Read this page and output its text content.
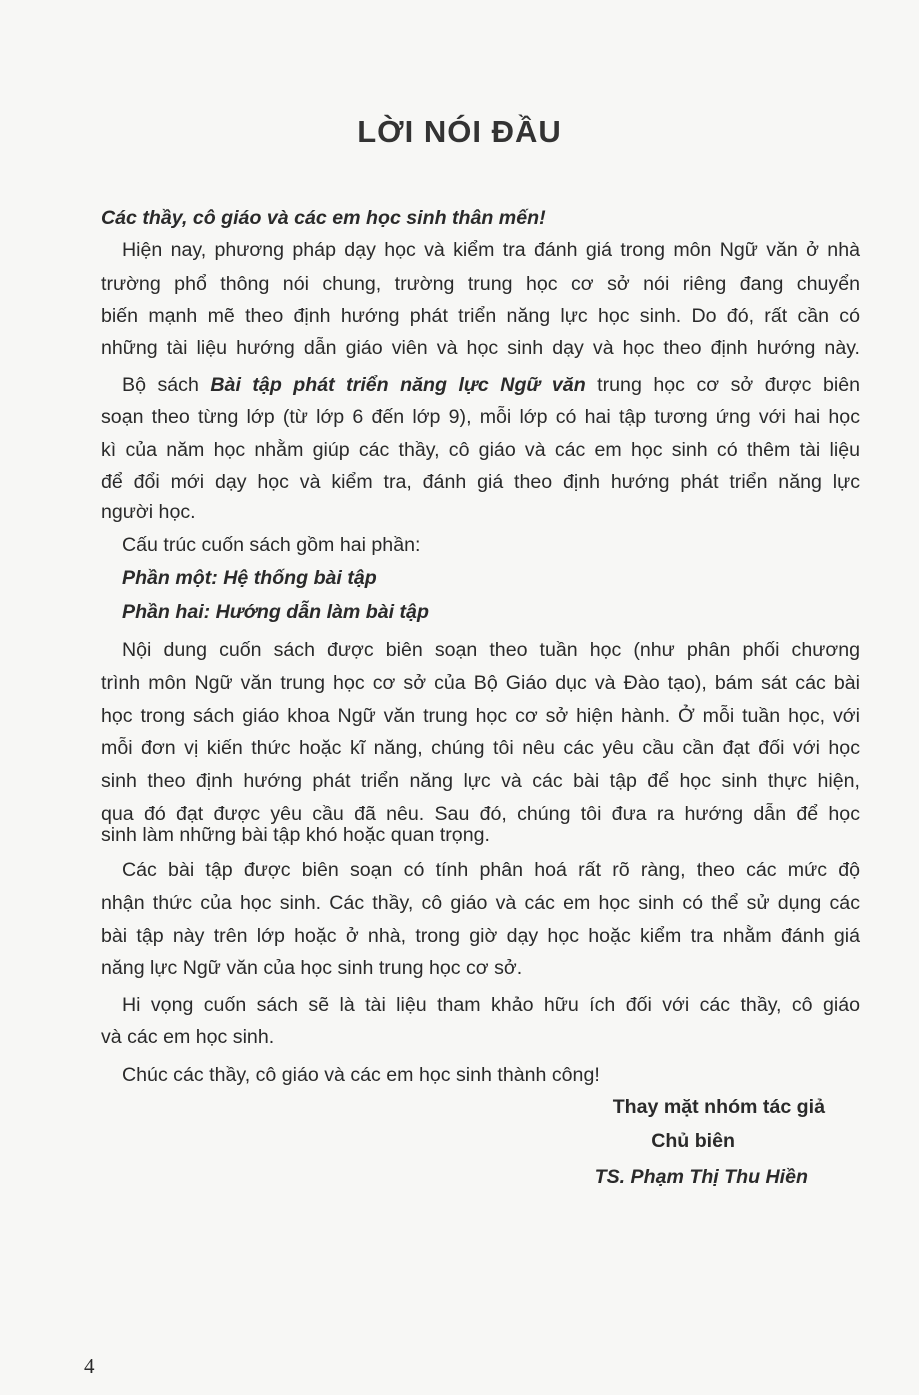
LỜI NÓI ĐẦU
Các thầy, cô giáo và các em học sinh thân mến!
Hiện nay, phương pháp dạy học và kiểm tra đánh giá trong môn Ngữ văn ở nhà
trường phổ thông nói chung, trường trung học cơ sở nói riêng đang chuyển
biến mạnh mẽ theo định hướng phát triển năng lực học sinh. Do đó, rất cần có
những tài liệu hướng dẫn giáo viên và học sinh dạy và học theo định hướng này.
Bộ sách Bài tập phát triển năng lực Ngữ văn trung học cơ sở được biên
soạn theo từng lớp (từ lớp 6 đến lớp 9), mỗi lớp có hai tập tương ứng với hai học
kì của năm học nhằm giúp các thầy, cô giáo và các em học sinh có thêm tài liệu
để đổi mới dạy học và kiểm tra, đánh giá theo định hướng phát triển năng lực
người học.
Cấu trúc cuốn sách gồm hai phần:
Phần một: Hệ thống bài tập
Phần hai: Hướng dẫn làm bài tập
Nội dung cuốn sách được biên soạn theo tuần học (như phân phối chương
trình môn Ngữ văn trung học cơ sở của Bộ Giáo dục và Đào tạo), bám sát các bài
học trong sách giáo khoa Ngữ văn trung học cơ sở hiện hành. Ở mỗi tuần học, với
mỗi đơn vị kiến thức hoặc kĩ năng, chúng tôi nêu các yêu cầu cần đạt đối với học
sinh theo định hướng phát triển năng lực và các bài tập để học sinh thực hiện,
qua đó đạt được yêu cầu đã nêu. Sau đó, chúng tôi đưa ra hướng dẫn để học
sinh làm những bài tập khó hoặc quan trọng.
Các bài tập được biên soạn có tính phân hoá rất rõ ràng, theo các mức độ
nhận thức của học sinh. Các thầy, cô giáo và các em học sinh có thể sử dụng các
bài tập này trên lớp hoặc ở nhà, trong giờ dạy học hoặc kiểm tra nhằm đánh giá
năng lực Ngữ văn của học sinh trung học cơ sở.
Hi vọng cuốn sách sẽ là tài liệu tham khảo hữu ích đối với các thầy, cô giáo
và các em học sinh.
Chúc các thầy, cô giáo và các em học sinh thành công!
Thay mặt nhóm tác giả
Chủ biên
TS. Phạm Thị Thu Hiền
4
